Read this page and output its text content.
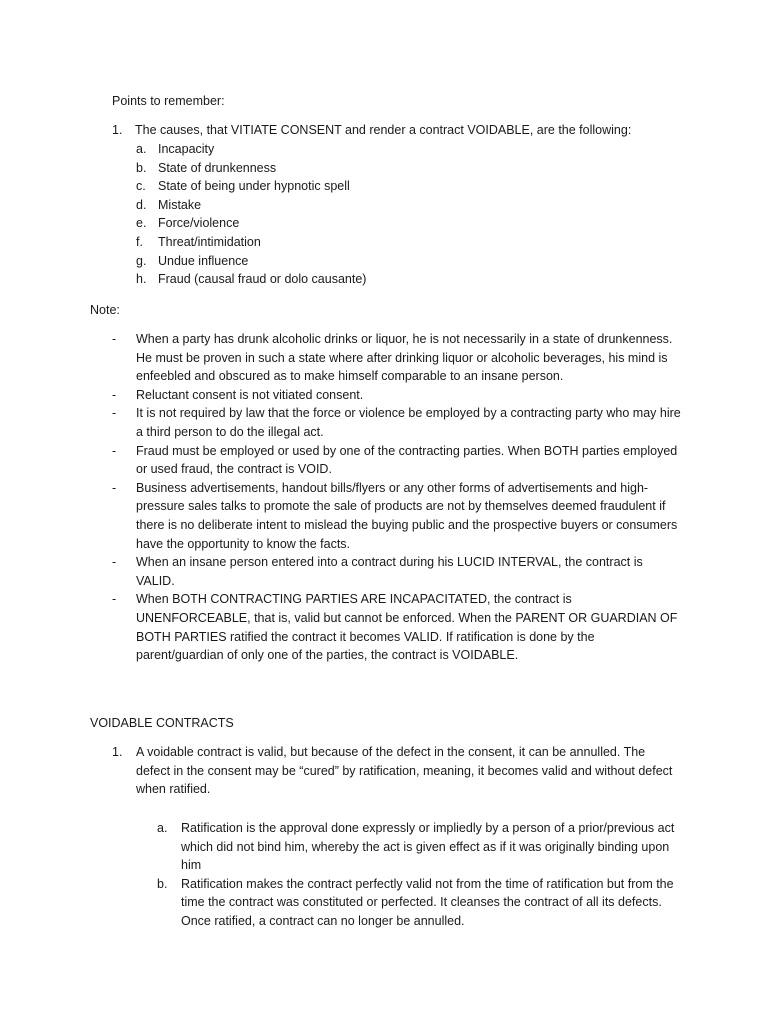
Points to remember:
1. The causes, that VITIATE CONSENT and render a contract VOIDABLE, are the following:
a. Incapacity
b. State of drunkenness
c. State of being under hypnotic spell
d. Mistake
e. Force/violence
f. Threat/intimidation
g. Undue influence
h. Fraud (causal fraud or dolo causante)
Note:
- When a party has drunk alcoholic drinks or liquor, he is not necessarily in a state of drunkenness. He must be proven in such a state where after drinking liquor or alcoholic beverages, his mind is enfeebled and obscured as to make himself comparable to an insane person.
- Reluctant consent is not vitiated consent.
- It is not required by law that the force or violence be employed by a contracting party who may hire a third person to do the illegal act.
- Fraud must be employed or used by one of the contracting parties. When BOTH parties employed or used fraud, the contract is VOID.
- Business advertisements, handout bills/flyers or any other forms of advertisements and high-pressure sales talks to promote the sale of products are not by themselves deemed fraudulent if there is no deliberate intent to mislead the buying public and the prospective buyers or consumers have the opportunity to know the facts.
- When an insane person entered into a contract during his LUCID INTERVAL, the contract is VALID.
- When BOTH CONTRACTING PARTIES ARE INCAPACITATED, the contract is UNENFORCEABLE, that is, valid but cannot be enforced. When the PARENT OR GUARDIAN OF BOTH PARTIES ratified the contract it becomes VALID. If ratification is done by the parent/guardian of only one of the parties, the contract is VOIDABLE.
VOIDABLE CONTRACTS
1. A voidable contract is valid, but because of the defect in the consent, it can be annulled. The defect in the consent may be “cured” by ratification, meaning, it becomes valid and without defect when ratified.
a. Ratification is the approval done expressly or impliedly by a person of a prior/previous act which did not bind him, whereby the act is given effect as if it was originally binding upon him
b. Ratification makes the contract perfectly valid not from the time of ratification but from the time the contract was constituted or perfected. It cleanses the contract of all its defects. Once ratified, a contract can no longer be annulled.
